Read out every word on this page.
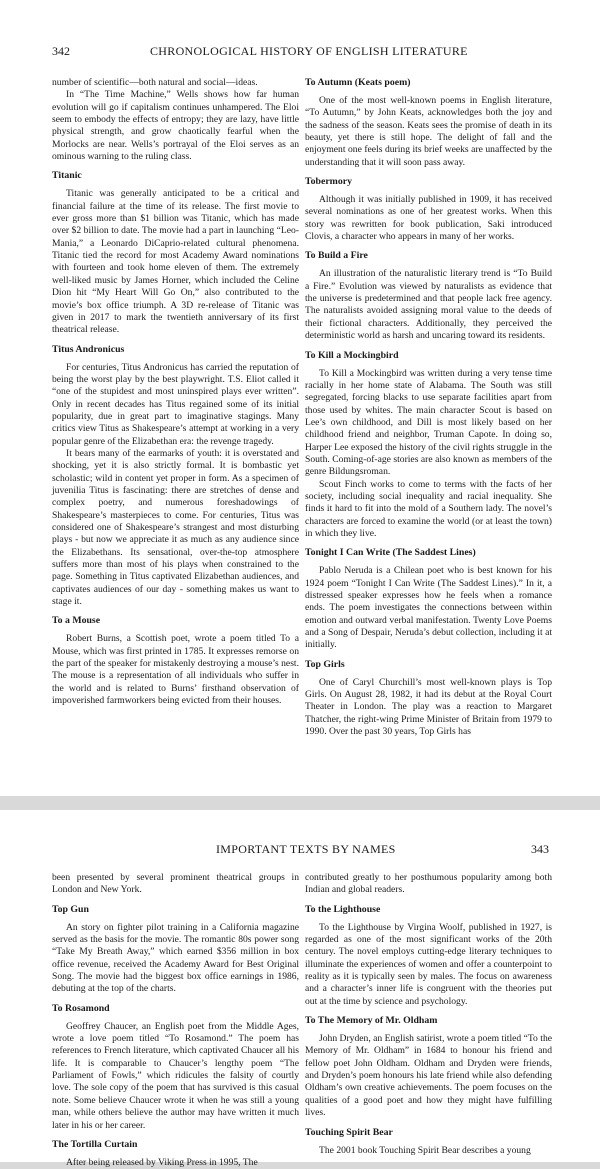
342	CHRONOLOGICAL HISTORY OF ENGLISH LITERATURE

number of scientific—both natural and social—ideas.

In “The Time Machine,” Wells shows how far human evolution will go if capitalism continues unhampered. The Eloi seem to embody the effects of entropy; they are lazy, have little physical strength, and grow chaotically fearful when the Morlocks are near. Wells’s portrayal of the Eloi serves as an ominous warning to the ruling class.

Titanic

Titanic was generally anticipated to be a critical and financial failure at the time of its release. The first movie to ever gross more than $1 billion was Titanic, which has made over $2 billion to date. The movie had a part in launching “Leo-Mania,” a Leonardo DiCaprio-related cultural phenomena. Titanic tied the record for most Academy Award nominations with fourteen and took home eleven of them. The extremely well-liked music by James Horner, which included the Celine Dion hit “My Heart Will Go On,” also contributed to the movie’s box office triumph. A 3D re-release of Titanic was given in 2017 to mark the twentieth anniversary of its first theatrical release.

Titus Andronicus

For centuries, Titus Andronicus has carried the reputation of being the worst play by the best playwright. T.S. Eliot called it “one of the stupidest and most uninspired plays ever written”. Only in recent decades has Titus regained some of its initial popularity, due in great part to imaginative stagings. Many critics view Titus as Shakespeare’s attempt at working in a very popular genre of the Elizabethan era: the revenge tragedy.

It bears many of the earmarks of youth: it is overstated and shocking, yet it is also strictly formal. It is bombastic yet scholastic; wild in content yet proper in form. As a specimen of juvenilia Titus is fascinating: there are stretches of dense and complex poetry, and numerous foreshadowings of Shakespeare’s masterpieces to come. For centuries, Titus was considered one of Shakespeare’s strangest and most disturbing plays - but now we appreciate it as much as any audience since the Elizabethans. Its sensational, over-the-top atmosphere suffers more than most of his plays when constrained to the page. Something in Titus captivated Elizabethan audiences, and captivates audiences of our day - something makes us want to stage it.

To a Mouse

Robert Burns, a Scottish poet, wrote a poem titled To a Mouse, which was first printed in 1785. It expresses remorse on the part of the speaker for mistakenly destroying a mouse’s nest. The mouse is a representation of all individuals who suffer in the world and is related to Burns’ firsthand observation of impoverished farmworkers being evicted from their houses.

To Autumn (Keats poem)

One of the most well-known poems in English literature, “To Autumn,” by John Keats, acknowledges both the joy and the sadness of the season. Keats sees the promise of death in its beauty, yet there is still hope. The delight of fall and the enjoyment one feels during its brief weeks are unaffected by the understanding that it will soon pass away.

Tobermory

Although it was initially published in 1909, it has received several nominations as one of her greatest works. When this story was rewritten for book publication, Saki introduced Clovis, a character who appears in many of her works.

To Build a Fire

An illustration of the naturalistic literary trend is “To Build a Fire.” Evolution was viewed by naturalists as evidence that the universe is predetermined and that people lack free agency. The naturalists avoided assigning moral value to the deeds of their fictional characters. Additionally, they perceived the deterministic world as harsh and uncaring toward its residents.

To Kill a Mockingbird

To Kill a Mockingbird was written during a very tense time racially in her home state of Alabama. The South was still segregated, forcing blacks to use separate facilities apart from those used by whites. The main character Scout is based on Lee’s own childhood, and Dill is most likely based on her childhood friend and neighbor, Truman Capote. In doing so, Harper Lee exposed the history of the civil rights struggle in the South. Coming-of-age stories are also known as members of the genre Bildungsroman.

Scout Finch works to come to terms with the facts of her society, including social inequality and racial inequality. She finds it hard to fit into the mold of a Southern lady. The novel’s characters are forced to examine the world (or at least the town) in which they live.

Tonight I Can Write (The Saddest Lines)

Pablo Neruda is a Chilean poet who is best known for his 1924 poem “Tonight I Can Write (The Saddest Lines).” In it, a distressed speaker expresses how he feels when a romance ends. The poem investigates the connections between within emotion and outward verbal manifestation. Twenty Love Poems and a Song of Despair, Neruda’s debut collection, including it at initially.

Top Girls

One of Caryl Churchill’s most well-known plays is Top Girls. On August 28, 1982, it had its debut at the Royal Court Theater in London. The play was a reaction to Margaret Thatcher, the right-wing Prime Minister of Britain from 1979 to 1990. Over the past 30 years, Top Girls has

IMPORTANT TEXTS BY NAMES	343

been presented by several prominent theatrical groups in London and New York.

Top Gun

An story on fighter pilot training in a California magazine served as the basis for the movie. The romantic 80s power song “Take My Breath Away,” which earned $356 million in box office revenue, received the Academy Award for Best Original Song. The movie had the biggest box office earnings in 1986, debuting at the top of the charts.

To Rosamond

Geoffrey Chaucer, an English poet from the Middle Ages, wrote a love poem titled “To Rosamond.” The poem has references to French literature, which captivated Chaucer all his life. It is comparable to Chaucer’s lengthy poem “The Parliament of Fowls,” which ridicules the falsity of courtly love. The sole copy of the poem that has survived is this casual note. Some believe Chaucer wrote it when he was still a young man, while others believe the author may have written it much later in his or her career.

The Tortilla Curtain

After being released by Viking Press in 1995, The

contributed greatly to her posthumous popularity among both Indian and global readers.

To the Lighthouse

To the Lighthouse by Virgina Woolf, published in 1927, is regarded as one of the most significant works of the 20th century. The novel employs cutting-edge literary techniques to illuminate the experiences of women and offer a counterpoint to reality as it is typically seen by males. The focus on awareness and a character’s inner life is congruent with the theories put out at the time by science and psychology.

To The Memory of Mr. Oldham

John Dryden, an English satirist, wrote a poem titled “To the Memory of Mr. Oldham” in 1684 to honour his friend and fellow poet John Oldham. Oldham and Dryden were friends, and Dryden’s poem honours his late friend while also defending Oldham’s own creative achievements. The poem focuses on the qualities of a good poet and how they might have fulfilling lives.

Touching Spirit Bear

The 2001 book Touching Spirit Bear describes a young
